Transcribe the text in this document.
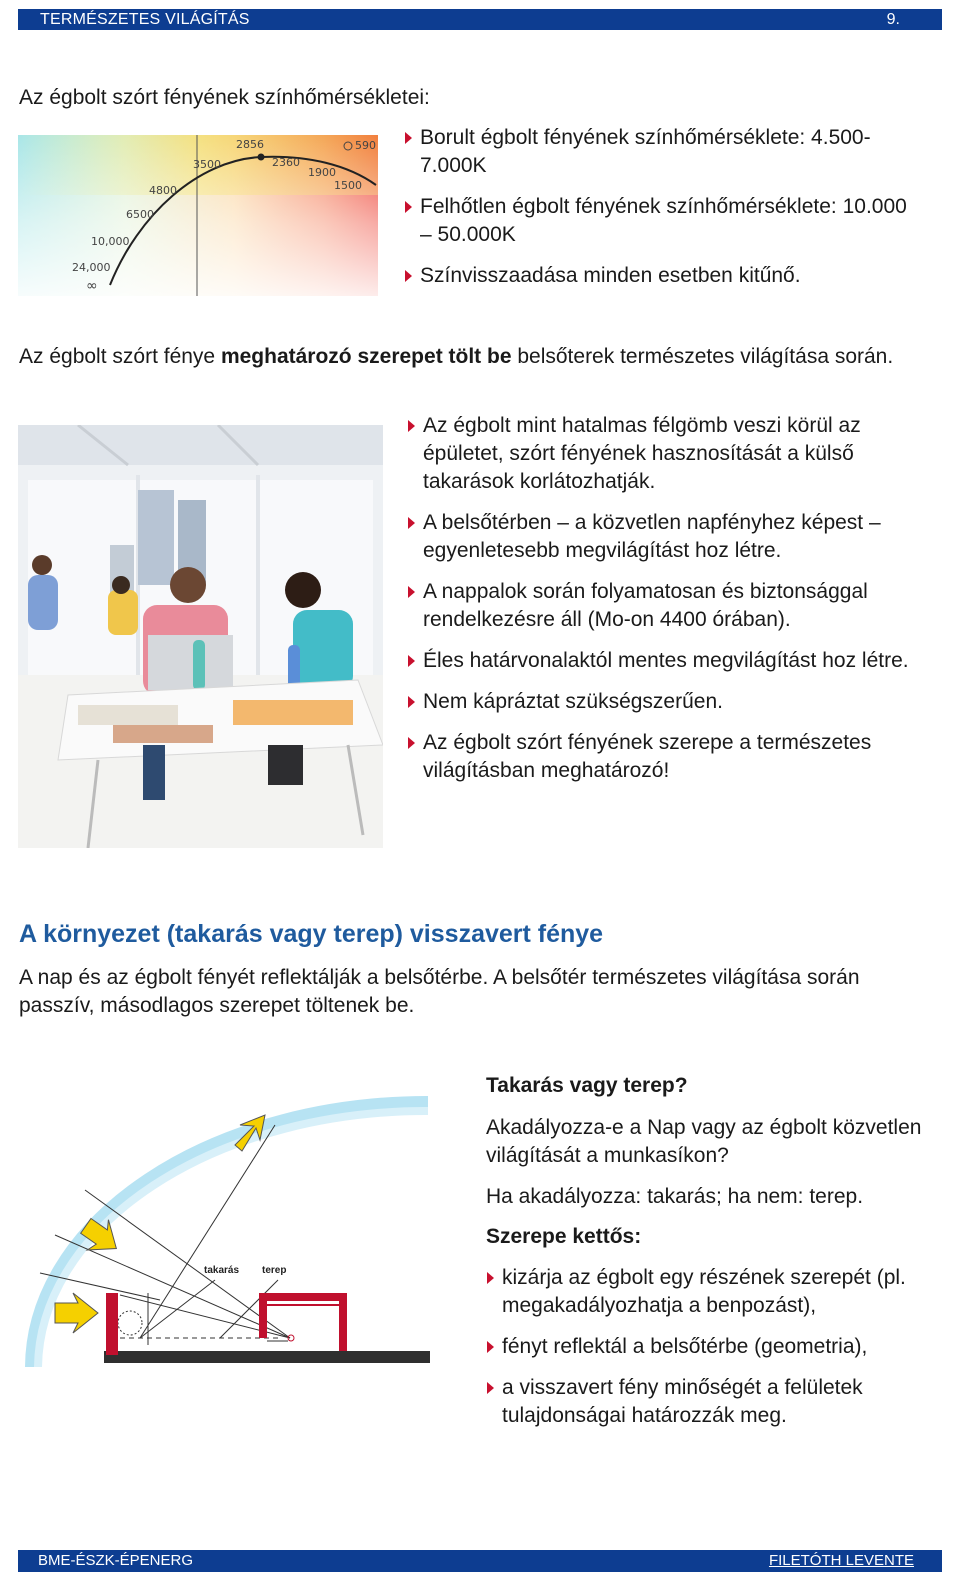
TERMÉSZETES VILÁGÍTÁS	9.
Az égbolt szórt fényének színhőmérsékletei:
2856	590
3500	2360
1900
1500
4800
6500
10,000
24,000
∞
Borult égbolt fényének színhőmérséklete: 4.500-7.000K
Felhőtlen égbolt fényének színhőmérséklete: 10.000 – 50.000K
Színvisszaadása minden esetben kitűnő.
Az égbolt szórt fénye meghatározó szerepet tölt be belsőterek természetes világítása során.
Az égbolt mint hatalmas félgömb veszi körül az épületet, szórt fényének hasznosítását a külső takarások korlátozhatják.
A belsőtérben – a közvetlen napfényhez képest – egyenletesebb megvilágítást hoz létre.
A nappalok során folyamatosan és biztonsággal rendelkezésre áll (Mo-on 4400 órában).
Éles határvonalaktól mentes megvilágítást hoz létre.
Nem kápráztat szükségszerűen.
Az égbolt szórt fényének szerepe a természetes világításban meghatározó!
A környezet (takarás vagy terep) visszavert fénye
A nap és az égbolt fényét reflektálják a belsőtérbe. A belsőtér természetes világítása során passzív, másodlagos szerepet töltenek be.
takarás terep
Takarás vagy terep?
Akadályozza-e a Nap vagy az égbolt közvetlen világítását a munkasíkon?
Ha akadályozza: takarás; ha nem: terep.
Szerepe kettős:
kizárja az égbolt egy részének szerepét (pl. megakadályozhatja a benpozást),
fényt reflektál a belsőtérbe (geometria),
a visszavert fény minőségét a felületek tulajdonságai határozzák meg.
BME-ÉSZK-ÉPENERG	FILETÓTH LEVENTE
